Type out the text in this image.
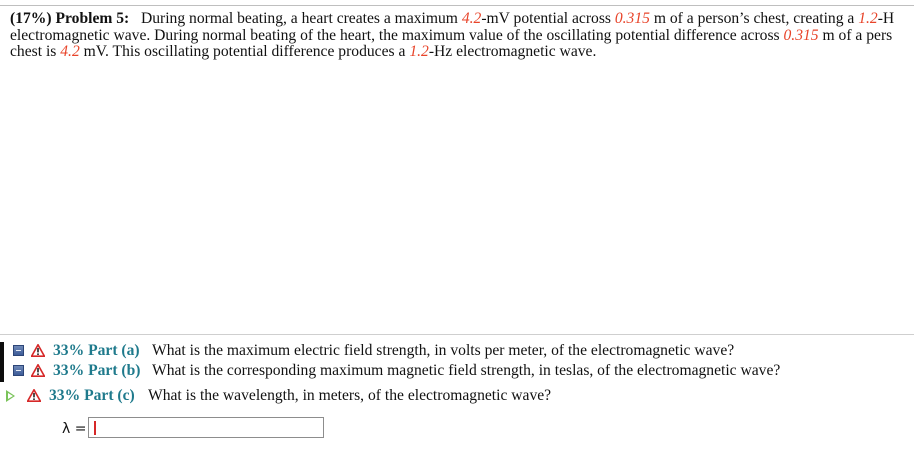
(17%) Problem 5: During normal beating, a heart creates a maximum 4.2-mV potential across 0.315 m of a person’s chest, creating a 1.2-H
electromagnetic wave. During normal beating of the heart, the maximum value of the oscillating potential difference across 0.315 m of a pers
chest is 4.2 mV. This oscillating potential difference produces a 1.2-Hz electromagnetic wave.
33% Part (a) What is the maximum electric field strength, in volts per meter, of the electromagnetic wave?
33% Part (b) What is the corresponding maximum magnetic field strength, in teslas, of the electromagnetic wave?
33% Part (c) What is the wavelength, in meters, of the electromagnetic wave?
λ =
